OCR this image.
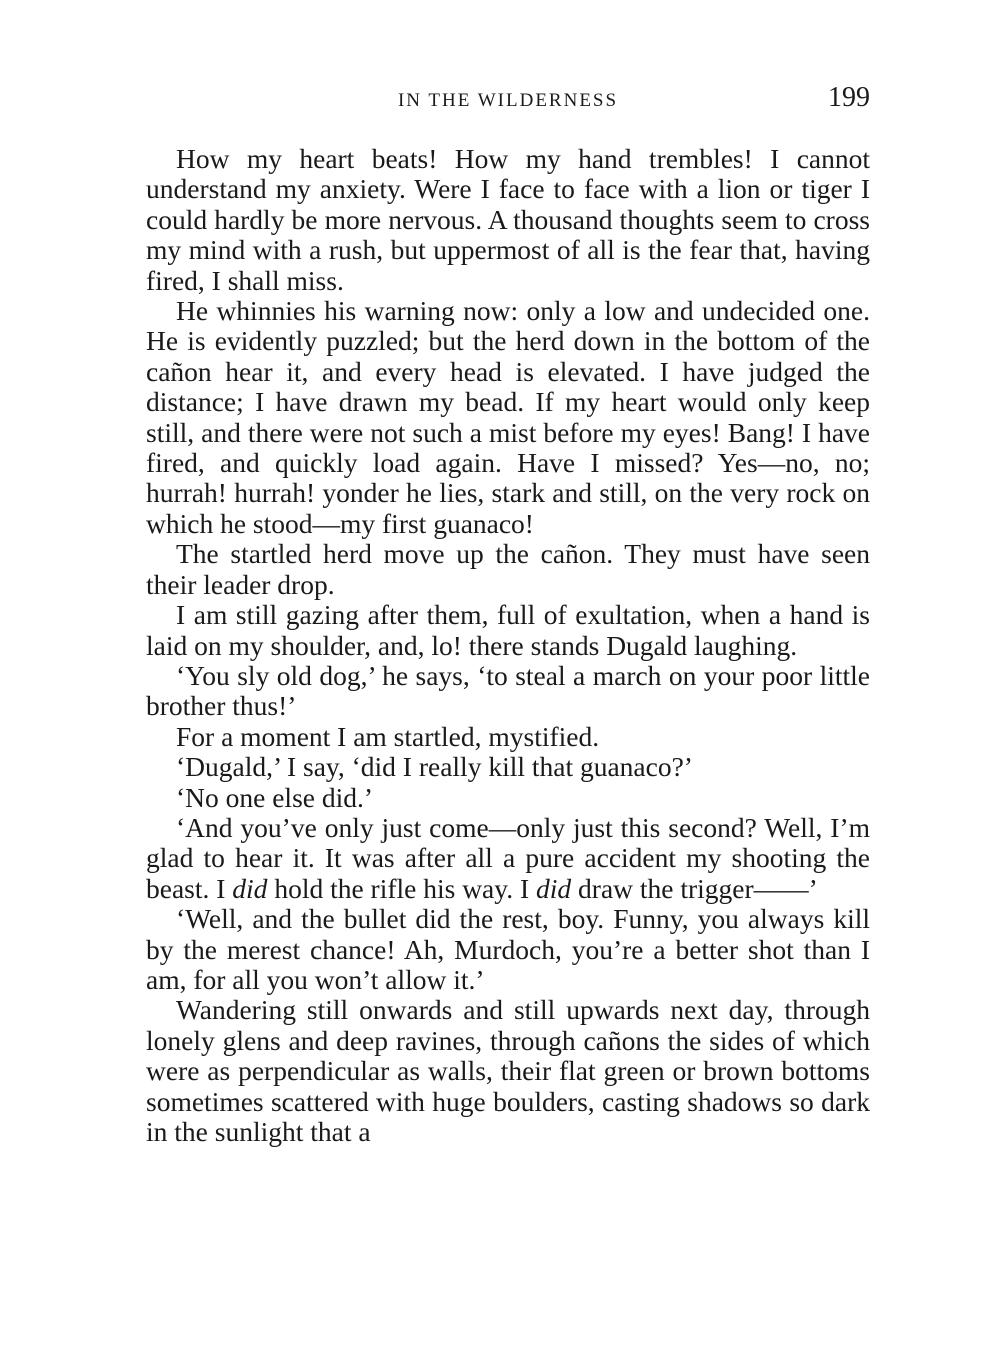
IN THE WILDERNESS	199

How my heart beats! How my hand trembles! I cannot understand my anxiety. Were I face to face with a lion or tiger I could hardly be more nervous. A thousand thoughts seem to cross my mind with a rush, but uppermost of all is the fear that, having fired, I shall miss.

He whinnies his warning now: only a low and undecided one. He is evidently puzzled; but the herd down in the bottom of the cañon hear it, and every head is elevated. I have judged the distance; I have drawn my bead. If my heart would only keep still, and there were not such a mist before my eyes! Bang! I have fired, and quickly load again. Have I missed? Yes—no, no; hurrah! hurrah! yonder he lies, stark and still, on the very rock on which he stood—my first guanaco!

The startled herd move up the cañon. They must have seen their leader drop.

I am still gazing after them, full of exultation, when a hand is laid on my shoulder, and, lo! there stands Dugald laughing.

‘You sly old dog,’ he says, ‘to steal a march on your poor little brother thus!’

For a moment I am startled, mystified.

‘Dugald,’ I say, ‘did I really kill that guanaco?’

‘No one else did.’

‘And you’ve only just come—only just this second? Well, I’m glad to hear it. It was after all a pure accident my shooting the beast. I did hold the rifle his way. I did draw the trigger——’

‘Well, and the bullet did the rest, boy. Funny, you always kill by the merest chance! Ah, Murdoch, you’re a better shot than I am, for all you won’t allow it.’

Wandering still onwards and still upwards next day, through lonely glens and deep ravines, through cañons the sides of which were as perpendicular as walls, their flat green or brown bottoms sometimes scattered with huge boulders, casting shadows so dark in the sunlight that a
